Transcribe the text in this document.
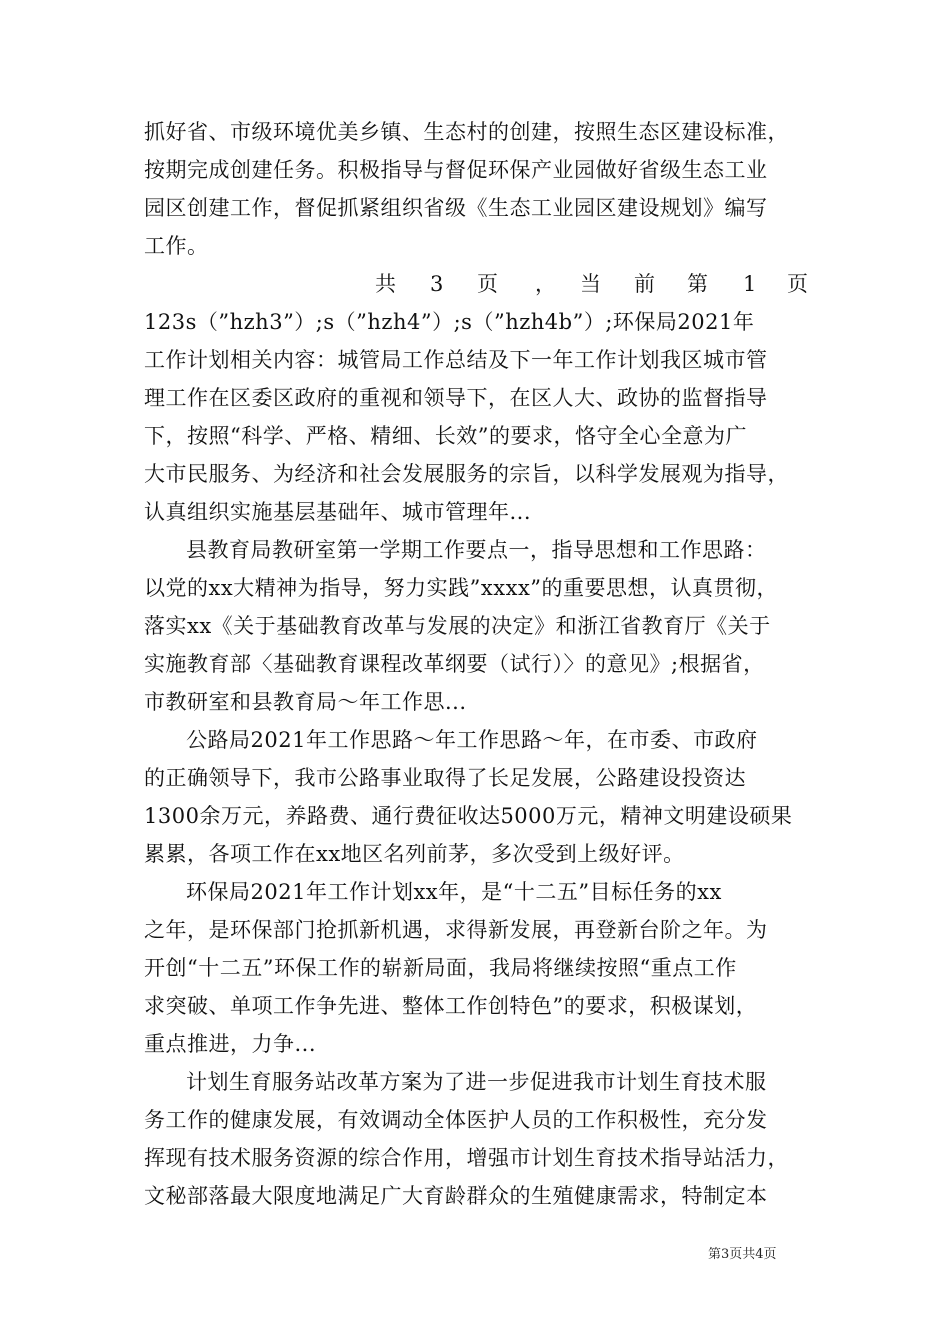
抓好省、市级环境优美乡镇、生态村的创建，按照生态区建设标准，
按期完成创建任务。积极指导与督促环保产业园做好省级生态工业
园区创建工作，督促抓紧组织省级《生态工业园区建设规划》编写
工作。
共 3 页 ， 当 前 第 1 页
123s（”hzh3”）;s（”hzh4”）;s（”hzh4b”）;环保局2021年
工作计划相关内容：城管局工作总结及下一年工作计划我区城市管
理工作在区委区政府的重视和领导下，在区人大、政协的监督指导
下，按照“科学、严格、精细、长效”的要求，恪守全心全意为广
大市民服务、为经济和社会发展服务的宗旨，以科学发展观为指导，
认真组织实施基层基础年、城市管理年...
县教育局教研室第一学期工作要点一，指导思想和工作思路：
以党的xx大精神为指导，努力实践”xxxx”的重要思想，认真贯彻，
落实xx《关于基础教育改革与发展的决定》和浙江省教育厅《关于
实施教育部〈基础教育课程改革纲要（试行）〉的意见》;根据省，
市教研室和县教育局～年工作思...
公路局2021年工作思路～年工作思路～年，在市委、市政府
的正确领导下，我市公路事业取得了长足发展，公路建设投资达
1300余万元，养路费、通行费征收达5000万元，精神文明建设硕果
累累，各项工作在xx地区名列前茅，多次受到上级好评。
环保局2021年工作计划xx年，是“十二五”目标任务的xx
之年，是环保部门抢抓新机遇，求得新发展，再登新台阶之年。为
开创“十二五”环保工作的崭新局面，我局将继续按照“重点工作
求突破、单项工作争先进、整体工作创特色”的要求，积极谋划，
重点推进，力争...
计划生育服务站改革方案为了进一步促进我市计划生育技术服
务工作的健康发展，有效调动全体医护人员的工作积极性，充分发
挥现有技术服务资源的综合作用，增强市计划生育技术指导站活力，
文秘部落最大限度地满足广大育龄群众的生殖健康需求，特制定本
第3页共4页
